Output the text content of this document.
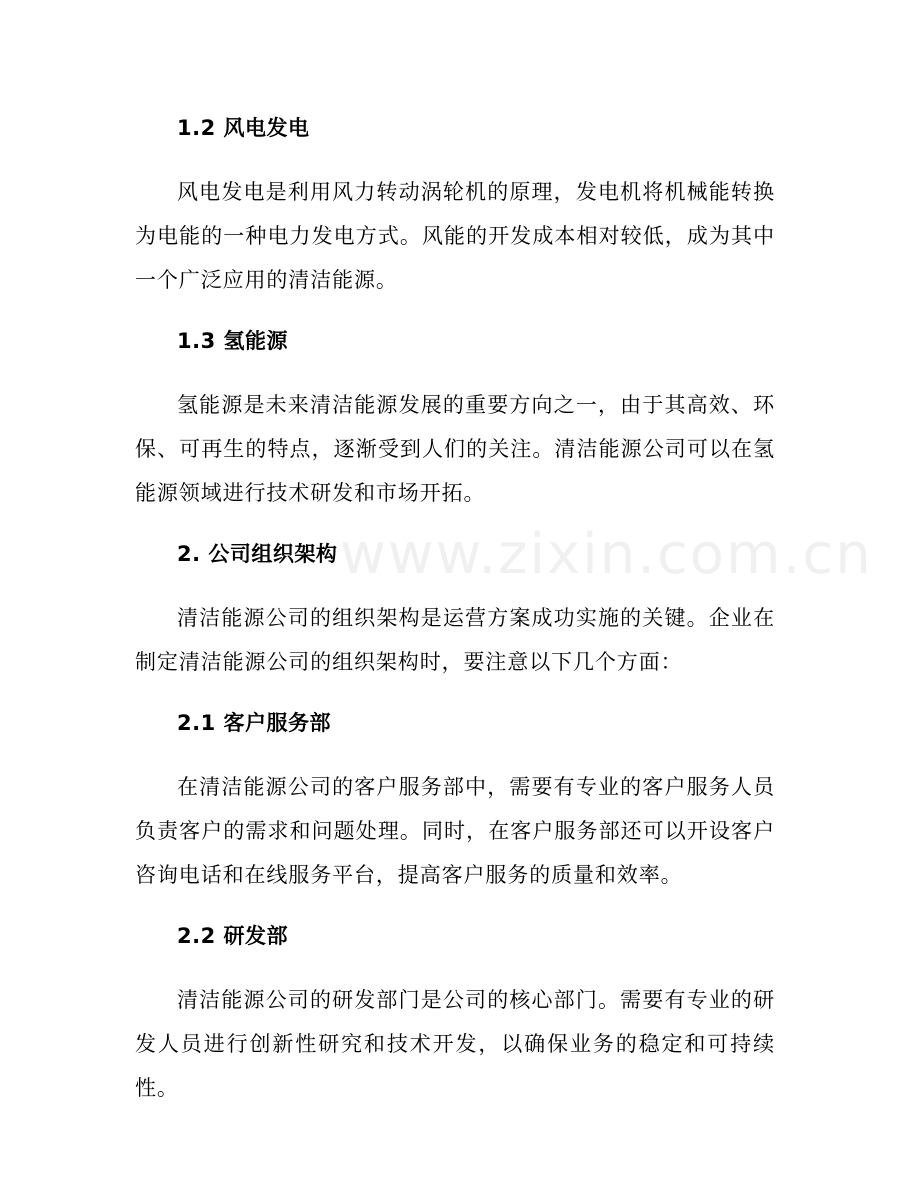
www.zixin.com.cn
1.2 风电发电
风电发电是利用风力转动涡轮机的原理，发电机将机械能转换为电能的一种电力发电方式。风能的开发成本相对较低，成为其中一个广泛应用的清洁能源。
1.3 氢能源
氢能源是未来清洁能源发展的重要方向之一，由于其高效、环保、可再生的特点，逐渐受到人们的关注。清洁能源公司可以在氢能源领域进行技术研发和市场开拓。
2. 公司组织架构
清洁能源公司的组织架构是运营方案成功实施的关键。企业在制定清洁能源公司的组织架构时，要注意以下几个方面：
2.1 客户服务部
在清洁能源公司的客户服务部中，需要有专业的客户服务人员负责客户的需求和问题处理。同时，在客户服务部还可以开设客户咨询电话和在线服务平台，提高客户服务的质量和效率。
2.2 研发部
清洁能源公司的研发部门是公司的核心部门。需要有专业的研发人员进行创新性研究和技术开发，以确保业务的稳定和可持续性。
